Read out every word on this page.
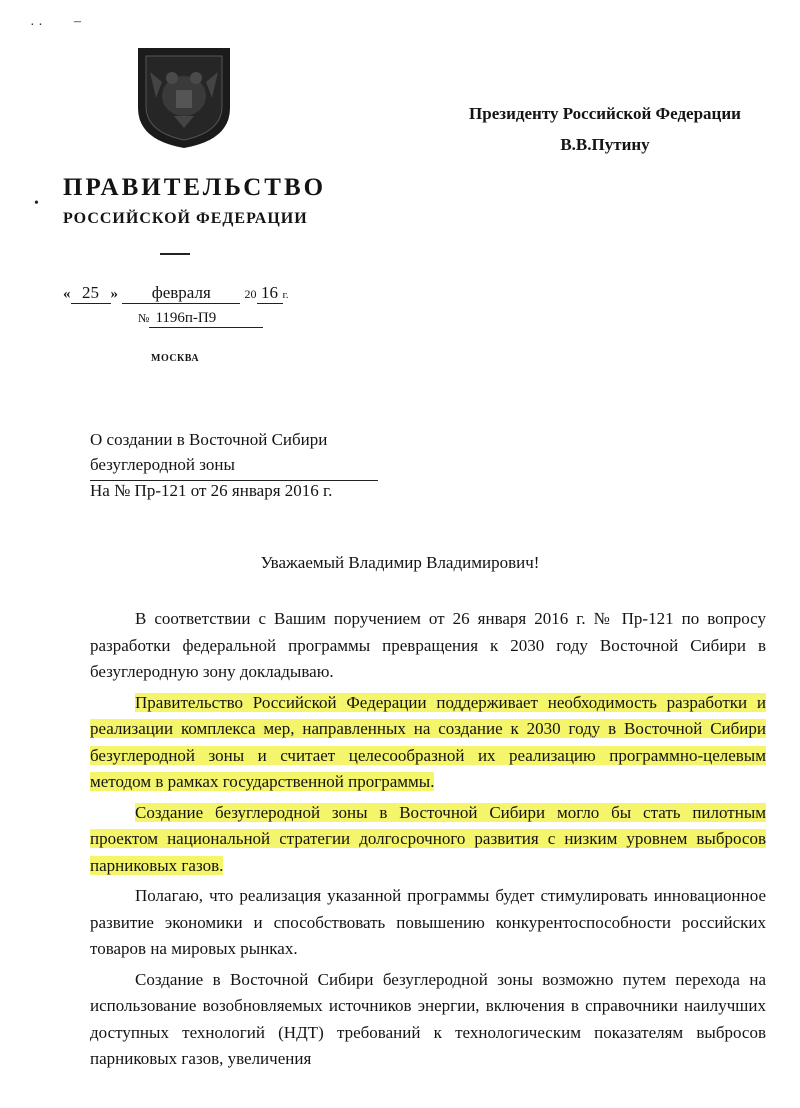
· · –
•
ПРАВИТЕЛЬСТВО
РОССИЙСКОЙ ФЕДЕРАЦИИ
Президенту Российской Федерации
В.В.Путину
« 25 » февраля	20 16 г.
№ 1196п-П9
МОСКВА
О создании в Восточной Сибири
безуглеродной зоны
На № Пр-121 от 26 января 2016 г.
Уважаемый Владимир Владимирович!

В соответствии с Вашим поручением от 26 января 2016 г. № Пр-121 по вопросу разработки федеральной программы превращения к 2030 году Восточной Сибири в безуглеродную зону докладываю.

Правительство Российской Федерации поддерживает необходимость разработки и реализации комплекса мер, направленных на создание к 2030 году в Восточной Сибири безуглеродной зоны и считает целесообразной их реализацию программно-целевым методом в рамках государственной программы.

Создание безуглеродной зоны в Восточной Сибири могло бы стать пилотным проектом национальной стратегии долгосрочного развития с низким уровнем выбросов парниковых газов.

Полагаю, что реализация указанной программы будет стимулировать инновационное развитие экономики и способствовать повышению конкурентоспособности российских товаров на мировых рынках.

Создание в Восточной Сибири безуглеродной зоны возможно путем перехода на использование возобновляемых источников энергии, включения в справочники наилучших доступных технологий (НДТ) требований к технологическим показателям выбросов парниковых газов, увеличения
